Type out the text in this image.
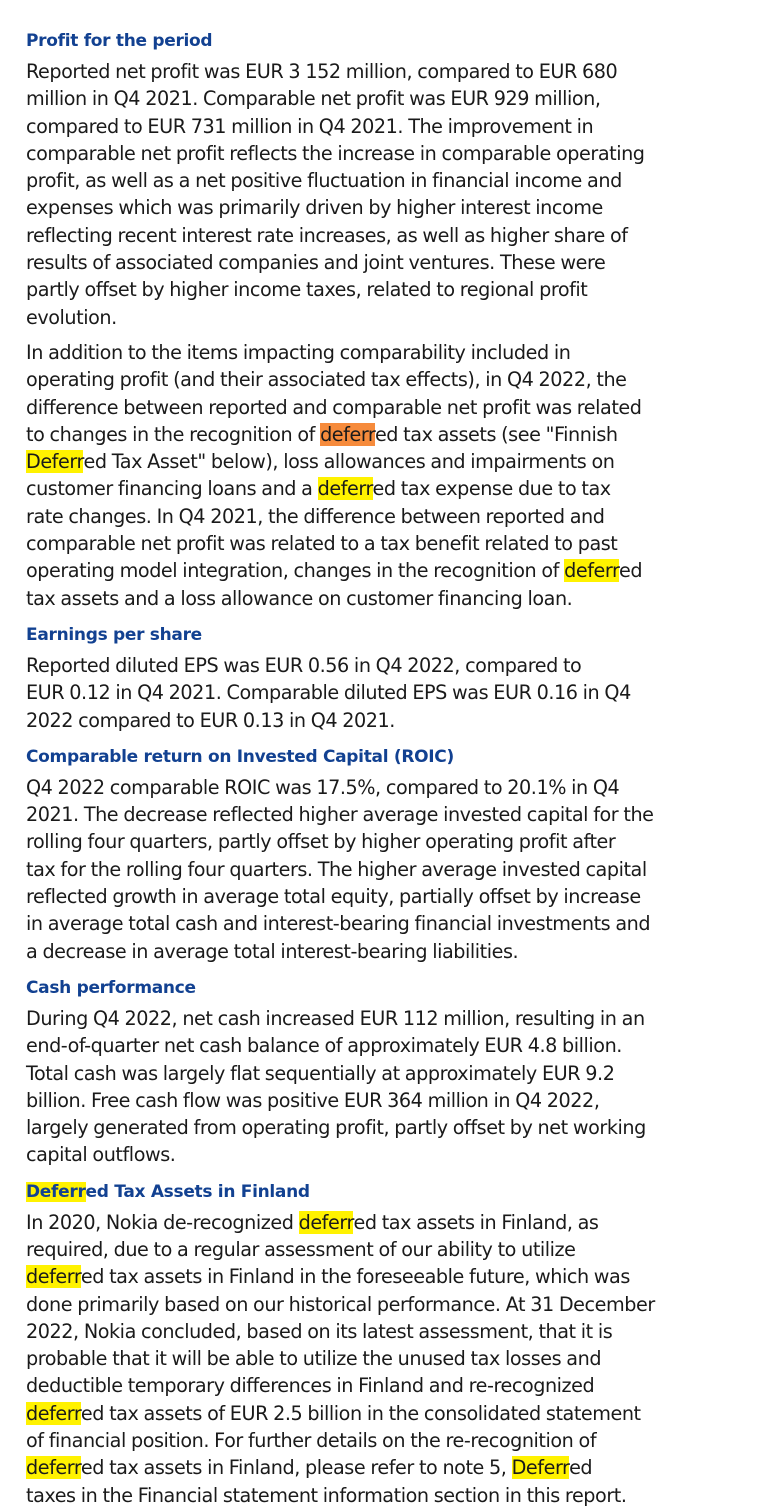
Profit for the period

Reported net profit was EUR 3 152 million, compared to EUR 680
million in Q4 2021. Comparable net profit was EUR 929 million,
compared to EUR 731 million in Q4 2021. The improvement in
comparable net profit reflects the increase in comparable operating
profit, as well as a net positive fluctuation in financial income and
expenses which was primarily driven by higher interest income
reflecting recent interest rate increases, as well as higher share of
results of associated companies and joint ventures. These were
partly offset by higher income taxes, related to regional profit
evolution.

In addition to the items impacting comparability included in
operating profit (and their associated tax effects), in Q4 2022, the
difference between reported and comparable net profit was related
to changes in the recognition of deferred tax assets (see "Finnish
Deferred Tax Asset" below), loss allowances and impairments on
customer financing loans and a deferred tax expense due to tax
rate changes. In Q4 2021, the difference between reported and
comparable net profit was related to a tax benefit related to past
operating model integration, changes in the recognition of deferred
tax assets and a loss allowance on customer financing loan.

Earnings per share

Reported diluted EPS was EUR 0.56 in Q4 2022, compared to
EUR 0.12 in Q4 2021. Comparable diluted EPS was EUR 0.16 in Q4
2022 compared to EUR 0.13 in Q4 2021.

Comparable return on Invested Capital (ROIC)

Q4 2022 comparable ROIC was 17.5%, compared to 20.1% in Q4
2021. The decrease reflected higher average invested capital for the
rolling four quarters, partly offset by higher operating profit after
tax for the rolling four quarters. The higher average invested capital
reflected growth in average total equity, partially offset by increase
in average total cash and interest-bearing financial investments and
a decrease in average total interest-bearing liabilities.

Cash performance

During Q4 2022, net cash increased EUR 112 million, resulting in an
end-of-quarter net cash balance of approximately EUR 4.8 billion.
Total cash was largely flat sequentially at approximately EUR 9.2
billion. Free cash flow was positive EUR 364 million in Q4 2022,
largely generated from operating profit, partly offset by net working
capital outflows.

Deferred Tax Assets in Finland

In 2020, Nokia de-recognized deferred tax assets in Finland, as
required, due to a regular assessment of our ability to utilize
deferred tax assets in Finland in the foreseeable future, which was
done primarily based on our historical performance. At 31 December
2022, Nokia concluded, based on its latest assessment, that it is
probable that it will be able to utilize the unused tax losses and
deductible temporary differences in Finland and re-recognized
deferred tax assets of EUR 2.5 billion in the consolidated statement
of financial position. For further details on the re-recognition of
deferred tax assets in Finland, please refer to note 5, Deferred
taxes in the Financial statement information section in this report.
